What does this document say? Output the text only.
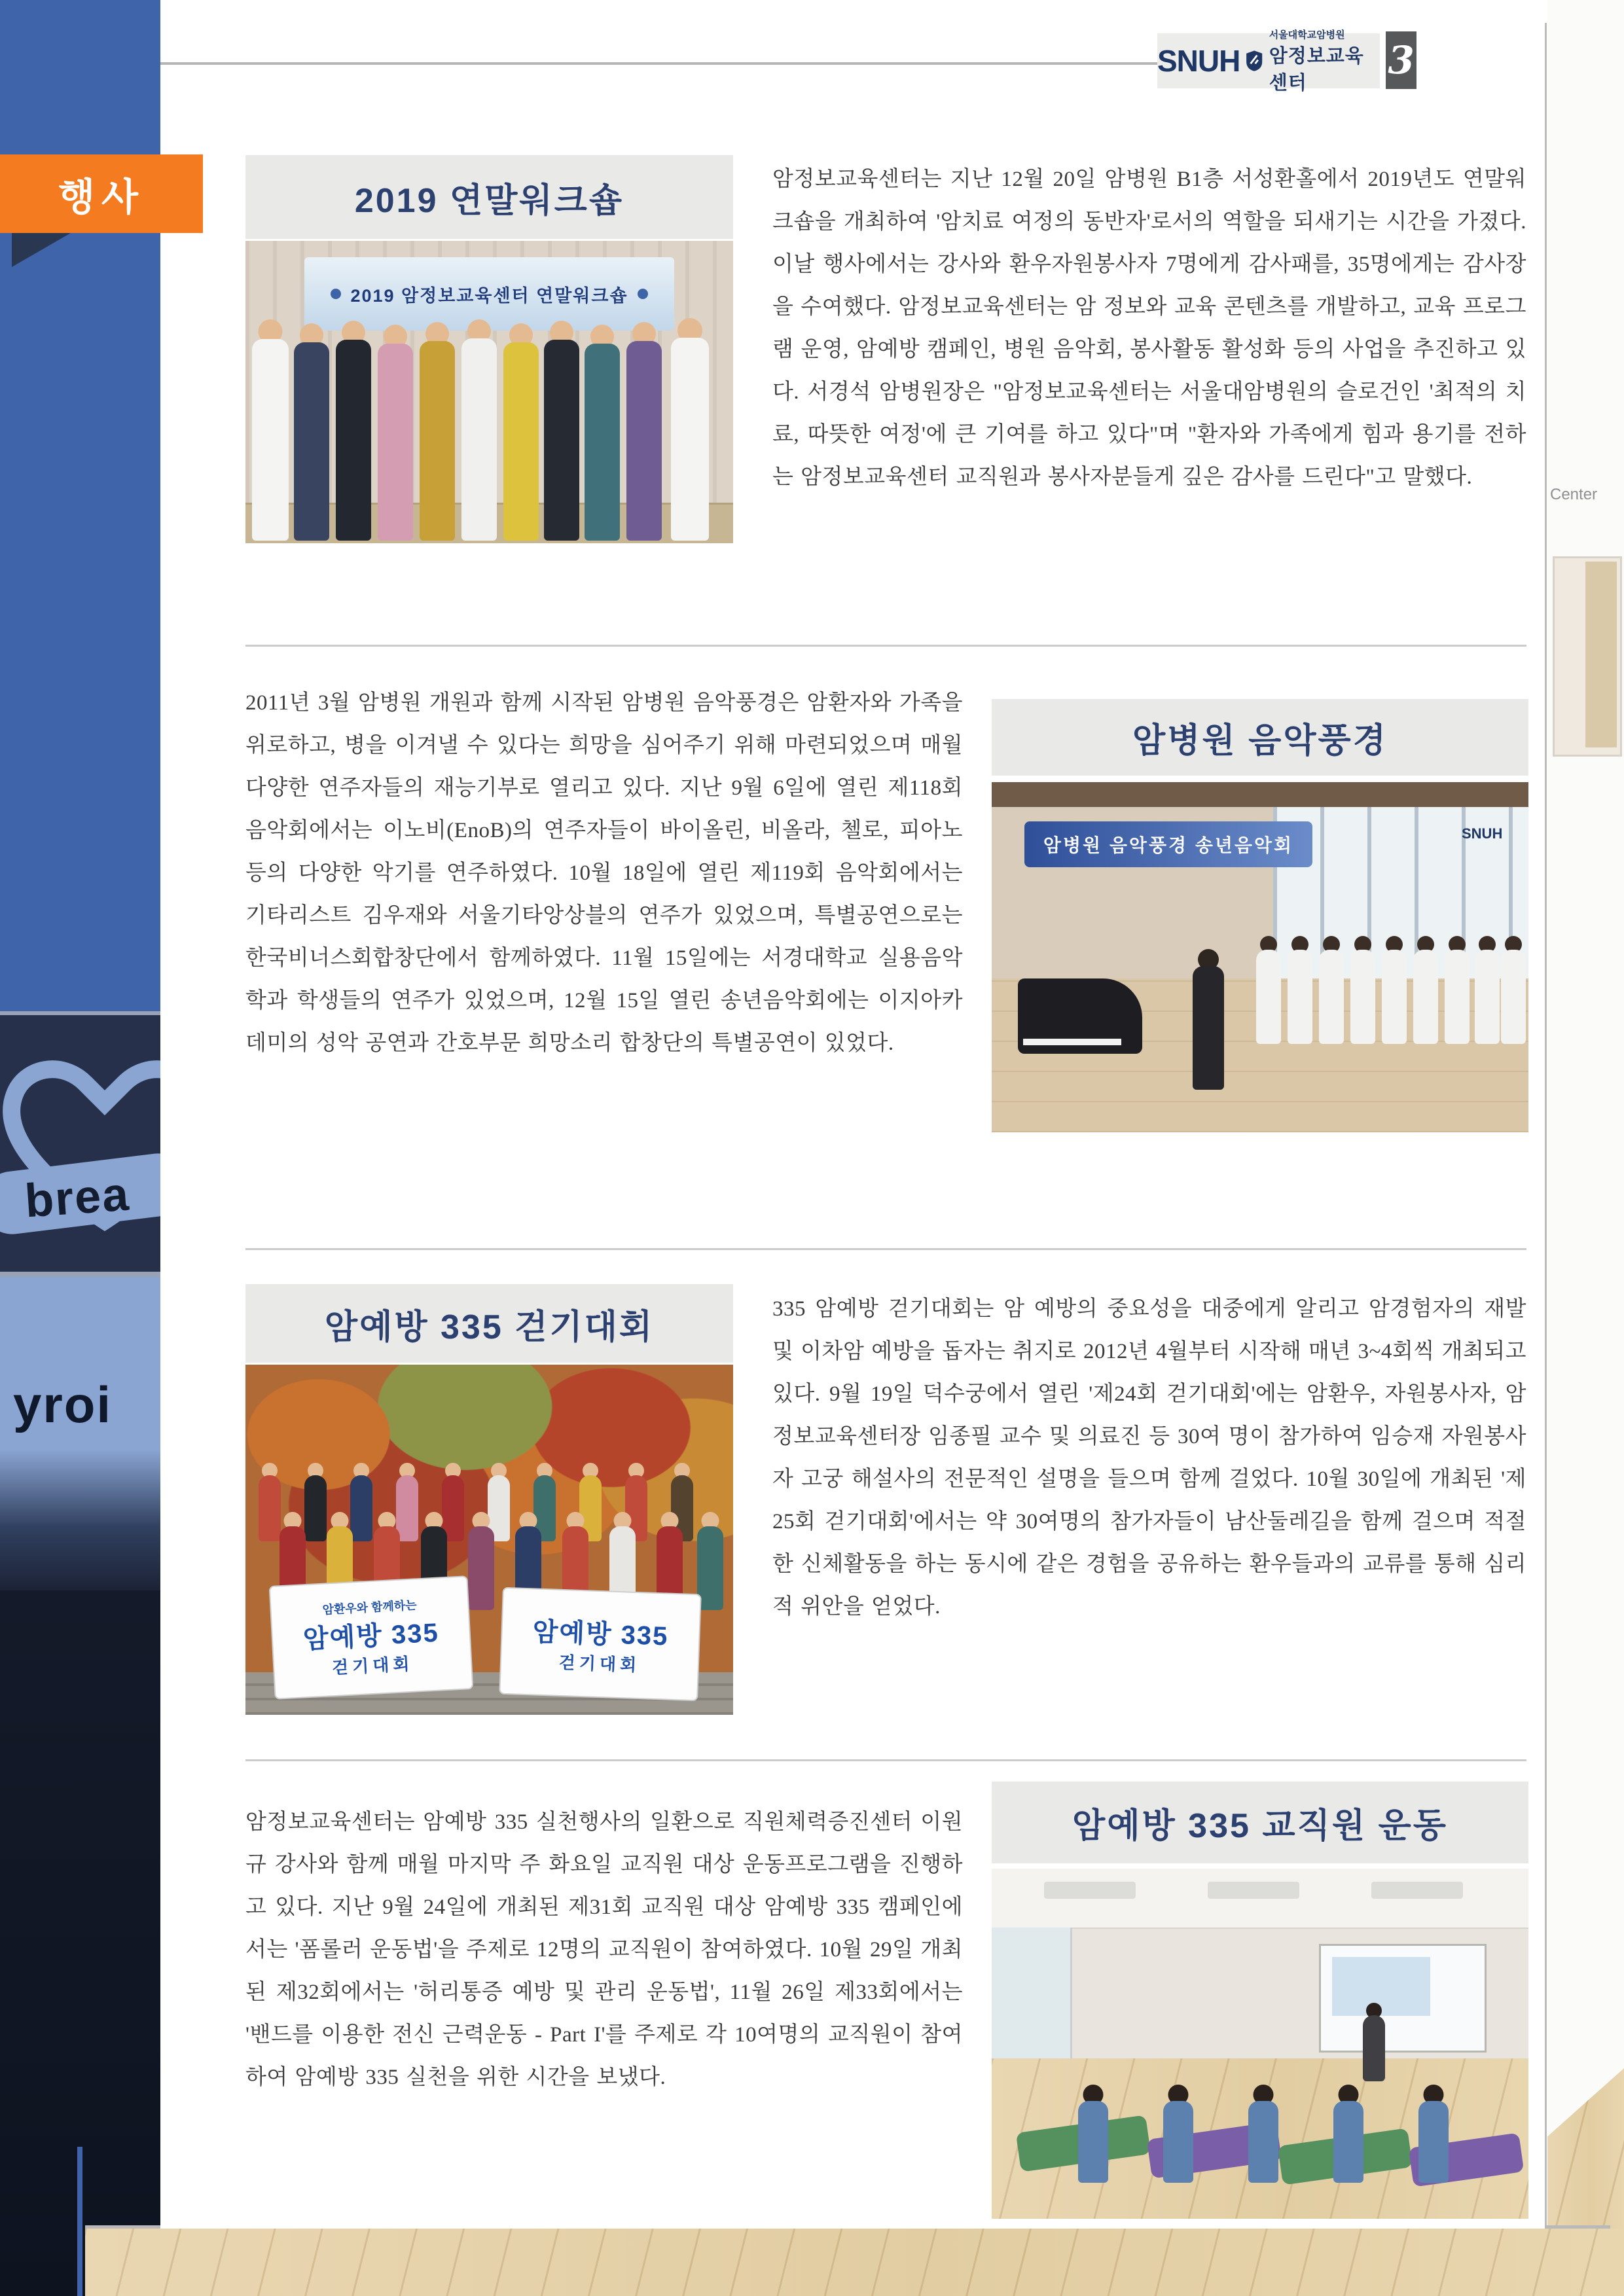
brea
yroi
Center
SNUH
서울대학교암병원
암정보교육센터
3
행사	2019 연말워크숍
2019 암정보교육센터 연말워크숍
암정보교육센터는 지난 12월 20일 암병원 B1층 서성환홀에서 2019년도 연말워크숍을 개최하여 '암치료 여정의 동반자'로서의 역할을 되새기는 시간을 가졌다. 이날 행사에서는 강사와 환우자원봉사자 7명에게 감사패를, 35명에게는 감사장을 수여했다. 암정보교육센터는 암 정보와 교육 콘텐츠를 개발하고, 교육 프로그램 운영, 암예방 캠페인, 병원 음악회, 봉사활동 활성화 등의 사업을 추진하고 있다. 서경석 암병원장은 "암정보교육센터는 서울대암병원의 슬로건인 '최적의 치료, 따뜻한 여정'에 큰 기여를 하고 있다"며 "환자와 가족에게 힘과 용기를 전하는 암정보교육센터 교직원과 봉사자분들게 깊은 감사를 드린다"고 말했다.
2011년 3월 암병원 개원과 함께 시작된 암병원 음악풍경은 암환자와 가족을 위로하고, 병을 이겨낼 수 있다는 희망을 심어주기 위해 마련되었으며 매월 다양한 연주자들의 재능기부로 열리고 있다. 지난 9월 6일에 열린 제118회 음악회에서는 이노비(EnoB)의 연주자들이 바이올린, 비올라, 첼로, 피아노 등의 다양한 악기를 연주하였다. 10월 18일에 열린 제119회 음악회에서는 기타리스트 김우재와 서울기타앙상블의 연주가 있었으며, 특별공연으로는 한국비너스회합창단에서 함께하였다. 11월 15일에는 서경대학교 실용음악학과 학생들의 연주가 있었으며, 12월 15일 열린 송년음악회에는 이지아카데미의 성악 공연과 간호부문 희망소리 합창단의 특별공연이 있었다.
암병원 음악풍경
암병원 음악풍경 송년음악회
SNUH
암예방 335 걷기대회
암환우와 함께하는
암예방 335
걷기대회
암예방 335
걷기대회
335 암예방 걷기대회는 암 예방의 중요성을 대중에게 알리고 암경험자의 재발 및 이차암 예방을 돕자는 취지로 2012년 4월부터 시작해 매년 3~4회씩 개최되고 있다. 9월 19일 덕수궁에서 열린 '제24회 걷기대회'에는 암환우, 자원봉사자, 암정보교육센터장 임종필 교수 및 의료진 등 30여 명이 참가하여 임승재 자원봉사자 고궁 해설사의 전문적인 설명을 들으며 함께 걸었다. 10월 30일에 개최된 '제25회 걷기대회'에서는 약 30여명의 참가자들이 남산둘레길을 함께 걸으며 적절한 신체활동을 하는 동시에 같은 경험을 공유하는 환우들과의 교류를 통해 심리적 위안을 얻었다.
암정보교육센터는 암예방 335 실천행사의 일환으로 직원체력증진센터 이원규 강사와 함께 매월 마지막 주 화요일 교직원 대상 운동프로그램을 진행하고 있다. 지난 9월 24일에 개최된 제31회 교직원 대상 암예방 335 캠페인에서는 '폼롤러 운동법'을 주제로 12명의 교직원이 참여하였다. 10월 29일 개최된 제32회에서는 '허리통증 예방 및 관리 운동법', 11월 26일 제33회에서는 '밴드를 이용한 전신 근력운동 - Part I'를 주제로 각 10여명의 교직원이 참여하여 암예방 335 실천을 위한 시간을 보냈다.
암예방 335 교직원 운동
